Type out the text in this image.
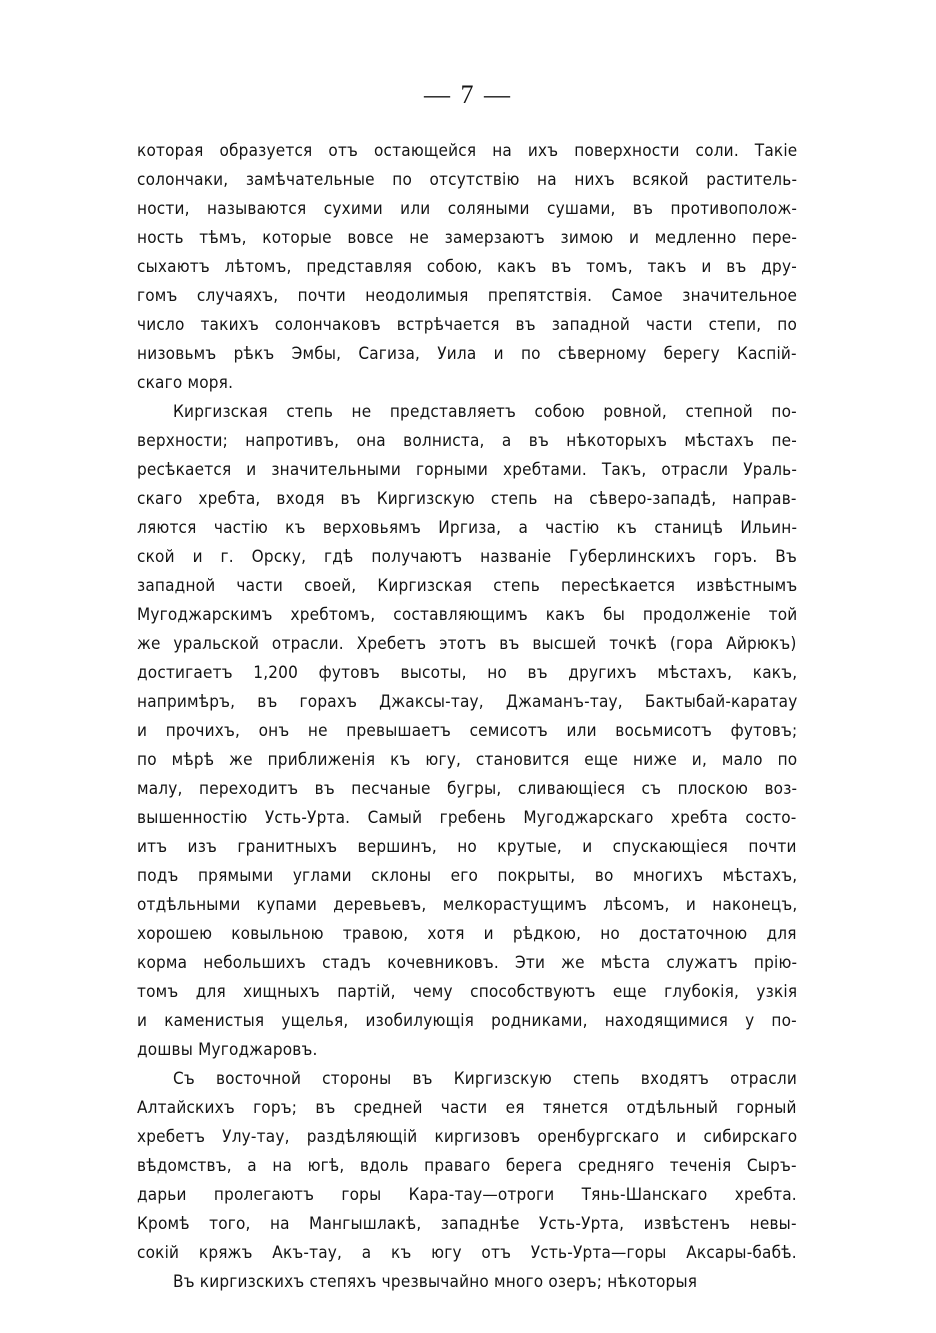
— 7 —
которая образуется отъ остающейся на ихъ поверхности соли. Такіе
солончаки, замѣчательные по отсутствію на нихъ всякой раститель-
ности, называются сухими или соляными сушами, въ противополож-
ность тѣмъ, которые вовсе не замерзаютъ зимою и медленно пере-
сыхаютъ лѣтомъ, представляя собою, какъ въ томъ, такъ и въ дру-
гомъ случаяхъ, почти неодолимыя препятствія. Самое значительное
число такихъ солончаковъ встрѣчается въ западной части степи, по
низовьмъ рѣкъ Эмбы, Сагиза, Уила и по сѣверному берегу Каспій-
скаго моря.
Киргизская степь не представляетъ собою ровной, степной по-
верхности; напротивъ, она волниста, а въ нѣкоторыхъ мѣстахъ пе-
ресѣкается и значительными горными хребтами. Такъ, отрасли Ураль-
скаго хребта, входя въ Киргизскую степь на сѣверо-западѣ, направ-
ляются частію къ верховьямъ Иргиза, а частію къ станицѣ Ильин-
ской и г. Орску, гдѣ получаютъ названіе Губерлинскихъ горъ. Въ
западной части своей, Киргизская степь пересѣкается извѣстнымъ
Мугоджарскимъ хребтомъ, составляющимъ какъ бы продолженіе той
же уральской отрасли. Хребетъ этотъ въ высшей точкѣ (гора Айрюкъ)
достигаетъ 1,200 футовъ высоты, но въ другихъ мѣстахъ, какъ,
напримѣръ, въ горахъ Джаксы-тау, Джаманъ-тау, Бактыбай-каратау
и прочихъ, онъ не превышаетъ семисотъ или восьмисотъ футовъ;
по мѣрѣ же приближенія къ югу, становится еще ниже и, мало по
малу, переходитъ въ песчаные бугры, сливающіеся съ плоскою воз-
вышенностію Усть-Урта. Самый гребень Мугоджарскаго хребта состо-
итъ изъ гранитныхъ вершинъ, но крутые, и спускающіеся почти
подъ прямыми углами склоны его покрыты, во многихъ мѣстахъ,
отдѣльными купами деревьевъ, мелкорастущимъ лѣсомъ, и наконецъ,
хорошею ковыльною травою, хотя и рѣдкою, но достаточною для
корма небольшихъ стадъ кочевниковъ. Эти же мѣста служатъ прію-
томъ для хищныхъ партій, чему способствуютъ еще глубокія, узкія
и каменистыя ущелья, изобилующія родниками, находящимися у по-
дошвы Мугоджаровъ.
Съ восточной стороны въ Киргизскую степь входятъ отрасли
Алтайскихъ горъ; въ средней части ея тянется отдѣльный горный
хребетъ Улу-тау, раздѣляющій киргизовъ оренбургскаго и сибирскаго
вѣдомствъ, а на югѣ, вдоль праваго берега средняго теченія Сыръ-
дарьи пролегаютъ горы Кара-тау—отроги Тянь-Шанскаго хребта.
Кромѣ того, на Мангышлакѣ, западнѣе Усть-Урта, извѣстенъ невы-
сокій кряжъ Акъ-тау, а къ югу отъ Усть-Урта—горы Аксары-бабѣ.
Въ киргизскихъ степяхъ чрезвычайно много озеръ; нѣкоторыя
